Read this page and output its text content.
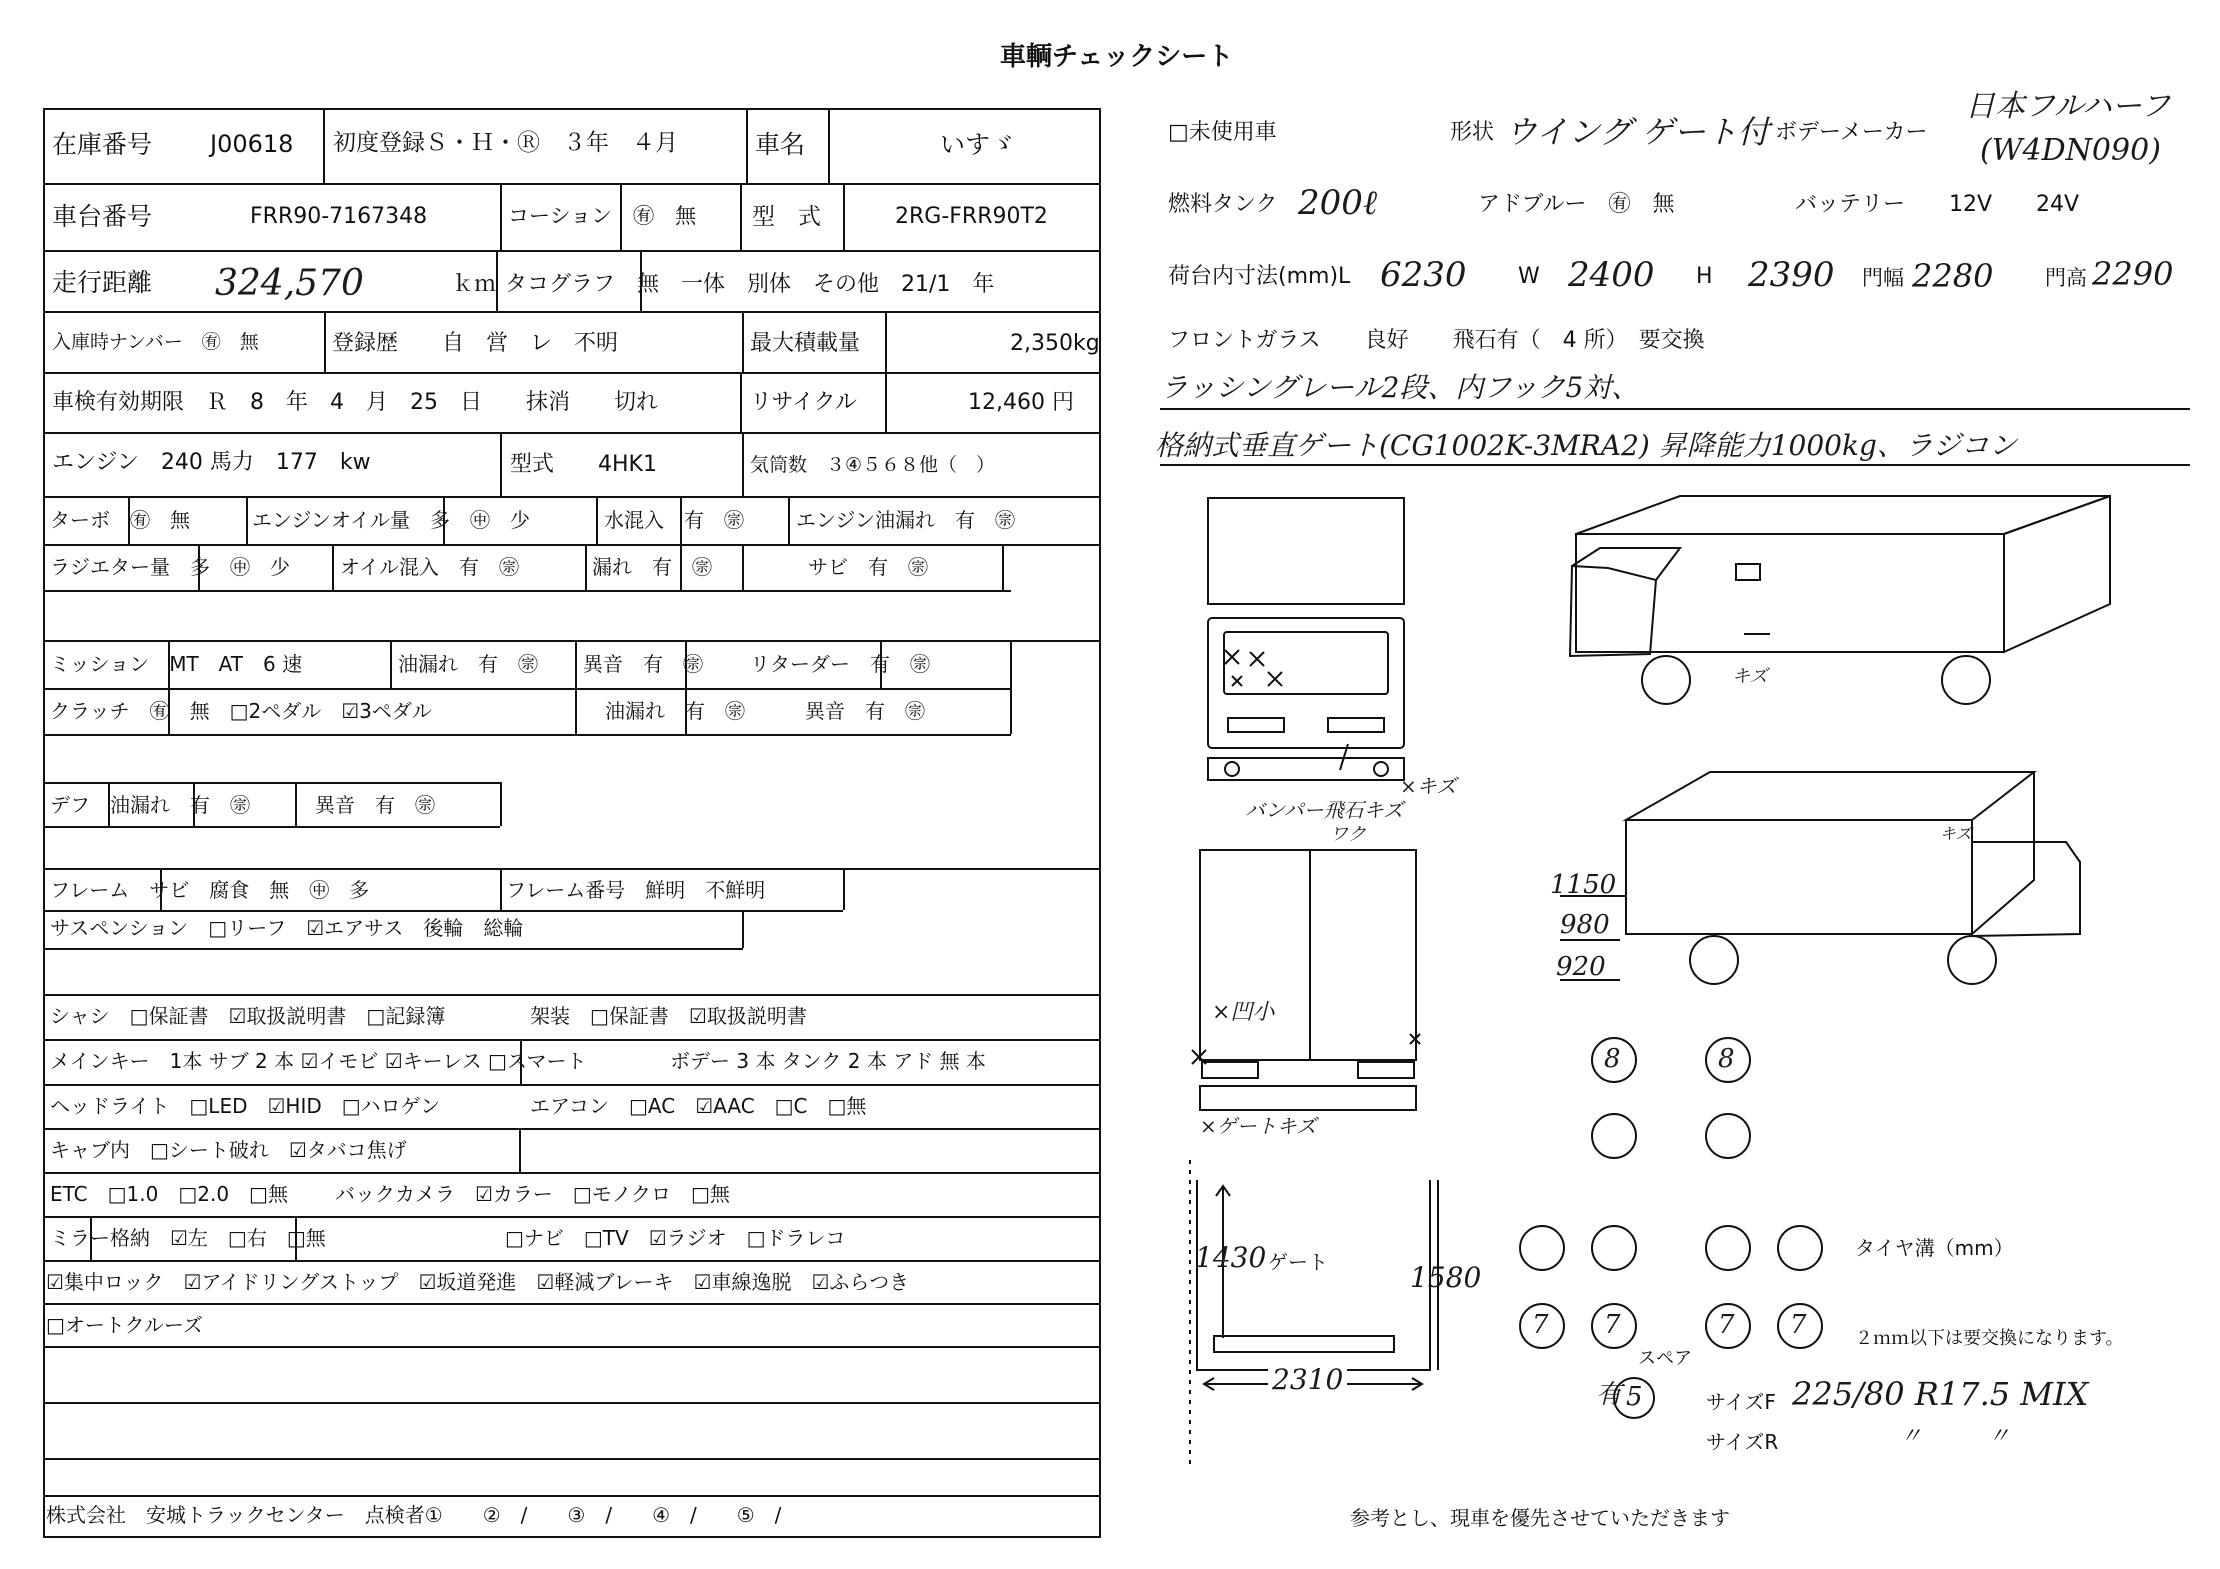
車輌チェックシート
在庫番号 J00618 初度登録Ｓ・Ｈ・Ⓡ　３年　４月	車名	いすゞ
車台番号	FRR90-7167348	コーション　㊒　無 型　式	2RG-FRR90T2
走行距離 324,570	ｋｍ タコグラフ　無　一体　別体　その他　21/1　年
入庫時ナンバー　㊒　無	登録歴　　自　営　レ　不明	最大積載量	2,350kg
車検有効期限　Ｒ　8　年　4　月　25　日　　抹消　　切れ	リサイクル	12,460 円
エンジン　240 馬力　177　kw	型式　　4HK1	気筒数　３④５６８他（　）
ターボ　㊒　無	エンジンオイル量　多　㊥　少	水混入　有　㊪	エンジン油漏れ　有　㊪
ラジエター量　多　㊥　少	オイル混入　有　㊪	漏れ　有　㊪	サビ　有　㊪
ミッション　MT　AT　6 速	油漏れ　有　㊪ 異音　有　㊪ リターダー　有　㊪
クラッチ　㊒　無　□2ペダル　☑3ペダル	油漏れ　有　㊪	異音　有　㊪
デフ　油漏れ　有　㊪	異音　有　㊪
フレーム　サビ　腐食　無　㊥　多	フレーム番号　鮮明　不鮮明
サスペンション　□リーフ　☑エアサス　後輪　総輪
シャシ　□保証書　☑取扱説明書　□記録簿	架装　□保証書　☑取扱説明書
メインキー　1本 サブ 2 本 ☑イモビ ☑キーレス □スマート	ボデー 3 本 タンク 2 本 アド 無 本
ヘッドライト　□LED　☑HID　□ハロゲン	エアコン　□AC　☑AAC　□C　□無
キャブ内　□シート破れ　☑タバコ焦げ
ETC　□1.0　□2.0　□無 バックカメラ　☑カラー　□モノクロ　□無
ミラー格納　☑左　□右　□無	□ナビ　□TV　☑ラジオ　□ドラレコ
☑集中ロック　☑アイドリングストップ　☑坂道発進　☑軽減ブレーキ　☑車線逸脱　☑ふらつき
□オートクルーズ
株式会社　安城トラックセンター　点検者①　　②　/　　③　/　　④　/　　⑤　/
□未使用車	形状 ウイング ゲート付 ボデーメーカー
日本フルハーフ
(W4DN090)
燃料タンク 200ℓ	アドブルー　㊒　無	バッテリー　　12V　　24V
荷台内寸法(mm)L 6230 W 2400 H 2390 門幅 2280 門高 2290
フロントガラス　　良好　　飛石有（　4 所）　要交換
ラッシングレール2段、内フック5対、
格納式垂直ゲート(CG1002K-3MRA2) 昇降能力1000kg、ラジコン
バンパー飛石キズ
ワク
×キズ
×ゲートキズ
×凹小
キズ
キズ
1150
980
920
1430 ゲート	1580
2310
8	8
7 7	7 7
タイヤ溝（mm）
２ｍｍ以下は要交換になります。
スペア
有 5	サイズF 225/80 R17.5 MIX
サイズR	〃　　　〃
参考とし、現車を優先させていただきます
